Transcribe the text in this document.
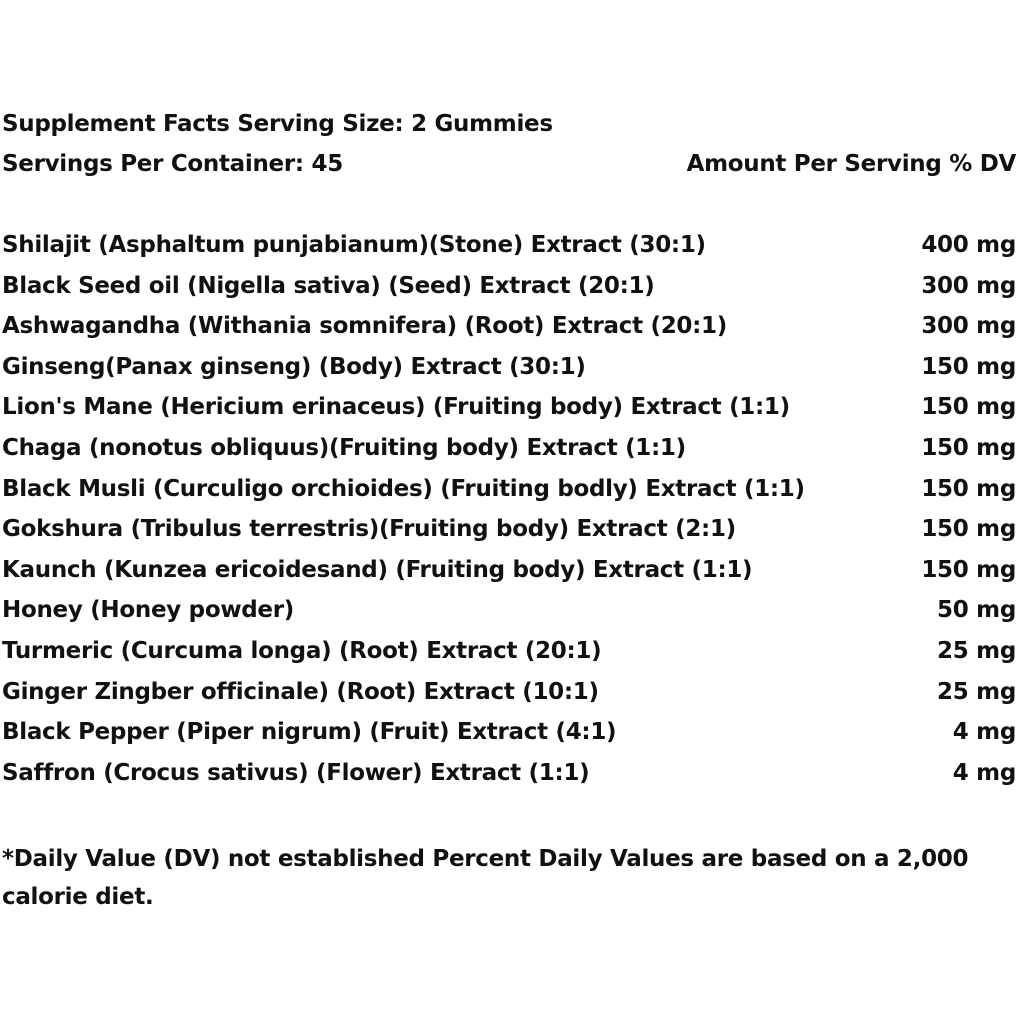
Supplement Facts Serving Size: 2 Gummies
Servings Per Container: 45	Amount Per Serving % DV
Shilajit (Asphaltum punjabianum)(Stone) Extract (30:1)	400 mg
Black Seed oil (Nigella sativa) (Seed) Extract (20:1)	300 mg
Ashwagandha (Withania somnifera) (Root) Extract (20:1)	300 mg
Ginseng(Panax ginseng) (Body) Extract (30:1)	150 mg
Lion's Mane (Hericium erinaceus) (Fruiting body) Extract (1:1)	150 mg
Chaga (nonotus obliquus)(Fruiting body) Extract (1:1)	150 mg
Black Musli (Curculigo orchioides) (Fruiting bodly) Extract (1:1)	150 mg
Gokshura (Tribulus terrestris)(Fruiting body) Extract (2:1)	150 mg
Kaunch (Kunzea ericoidesand) (Fruiting body) Extract (1:1)	150 mg
Honey (Honey powder)	50 mg
Turmeric (Curcuma longa) (Root) Extract (20:1)	25 mg
Ginger Zingber officinale) (Root) Extract (10:1)	25 mg
Black Pepper (Piper nigrum) (Fruit) Extract (4:1)	4 mg
Saffron (Crocus sativus) (Flower) Extract (1:1)	4 mg
*Daily Value (DV) not established Percent Daily Values are based on a 2,000 calorie diet.
